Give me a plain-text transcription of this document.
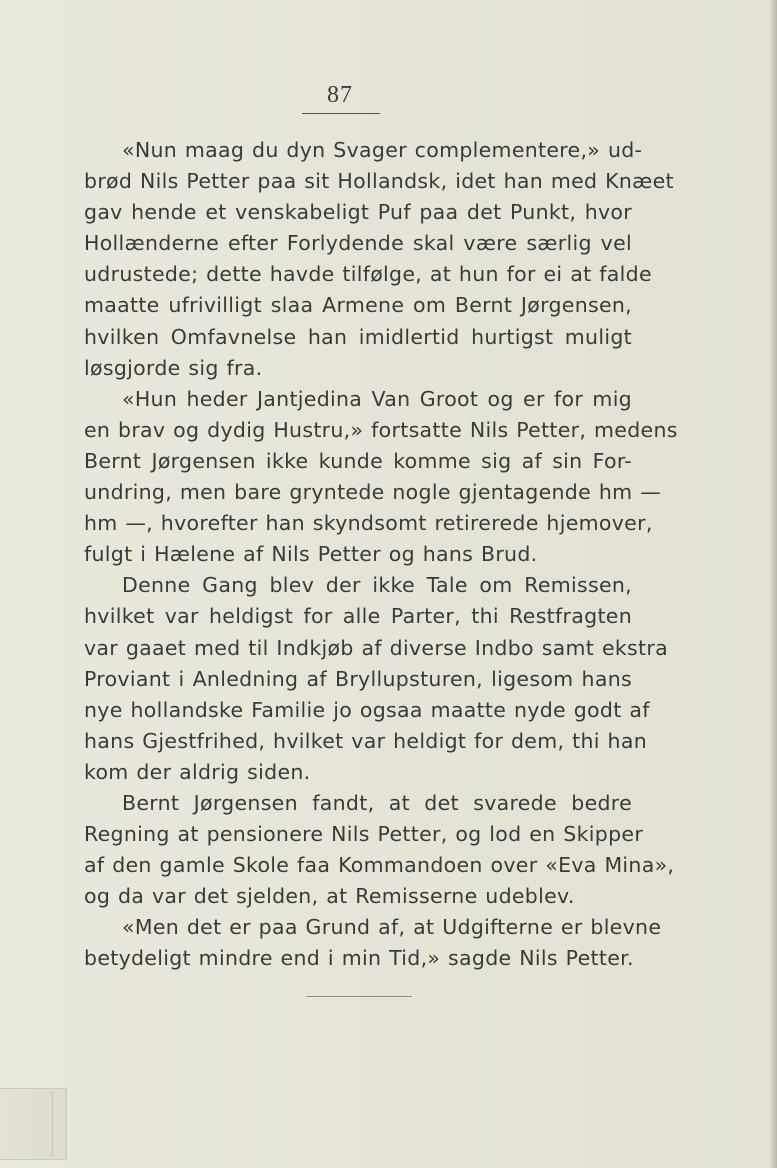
87
«Nun maag du dyn Svager complementere,» ud-
brød Nils Petter paa sit Hollandsk, idet han med Knæet
gav hende et venskabeligt Puf paa det Punkt, hvor
Hollænderne efter Forlydende skal være særlig vel
udrustede; dette havde tilfølge, at hun for ei at falde
maatte ufrivilligt slaa Armene om Bernt Jørgensen,
hvilken Omfavnelse han imidlertid hurtigst muligt
løsgjorde sig fra.
«Hun heder Jantjedina Van Groot og er for mig
en brav og dydig Hustru,» fortsatte Nils Petter, medens
Bernt Jørgensen ikke kunde komme sig af sin For-
undring, men bare gryntede nogle gjentagende hm —
hm —, hvorefter han skyndsomt retirerede hjemover,
fulgt i Hælene af Nils Petter og hans Brud.
Denne Gang blev der ikke Tale om Remissen,
hvilket var heldigst for alle Parter, thi Restfragten
var gaaet med til Indkjøb af diverse Indbo samt ekstra
Proviant i Anledning af Bryllupsturen, ligesom hans
nye hollandske Familie jo ogsaa maatte nyde godt af
hans Gjestfrihed, hvilket var heldigt for dem, thi han
kom der aldrig siden.
Bernt Jørgensen fandt, at det svarede bedre
Regning at pensionere Nils Petter, og lod en Skipper
af den gamle Skole faa Kommandoen over «Eva Mina»,
og da var det sjelden, at Remisserne udeblev.
«Men det er paa Grund af, at Udgifterne er blevne
betydeligt mindre end i min Tid,» sagde Nils Petter.
